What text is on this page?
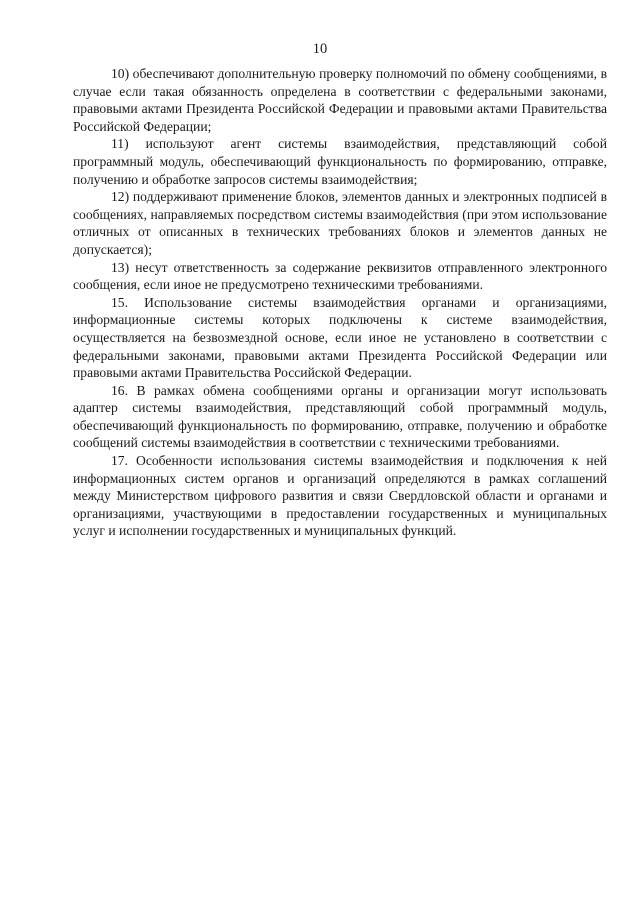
10

10) обеспечивают дополнительную проверку полномочий по обмену сообщениями, в случае если такая обязанность определена в соответствии с федеральными законами, правовыми актами Президента Российской Федерации и правовыми актами Правительства Российской Федерации;

11) используют агент системы взаимодействия, представляющий собой программный модуль, обеспечивающий функциональность по формированию, отправке, получению и обработке запросов системы взаимодействия;

12) поддерживают применение блоков, элементов данных и электронных подписей в сообщениях, направляемых посредством системы взаимодействия (при этом использование отличных от описанных в технических требованиях блоков и элементов данных не допускается);

13) несут ответственность за содержание реквизитов отправленного электронного сообщения, если иное не предусмотрено техническими требованиями.

15. Использование системы взаимодействия органами и организациями, информационные системы которых подключены к системе взаимодействия, осуществляется на безвозмездной основе, если иное не установлено в соответствии с федеральными законами, правовыми актами Президента Российской Федерации или правовыми актами Правительства Российской Федерации.

16. В рамках обмена сообщениями органы и организации могут использовать адаптер системы взаимодействия, представляющий собой программный модуль, обеспечивающий функциональность по формированию, отправке, получению и обработке сообщений системы взаимодействия в соответствии с техническими требованиями.

17. Особенности использования системы взаимодействия и подключения к ней информационных систем органов и организаций определяются в рамках соглашений между Министерством цифрового развития и связи Свердловской области и органами и организациями, участвующими в предоставлении государственных и муниципальных услуг и исполнении государственных и муниципальных функций.
